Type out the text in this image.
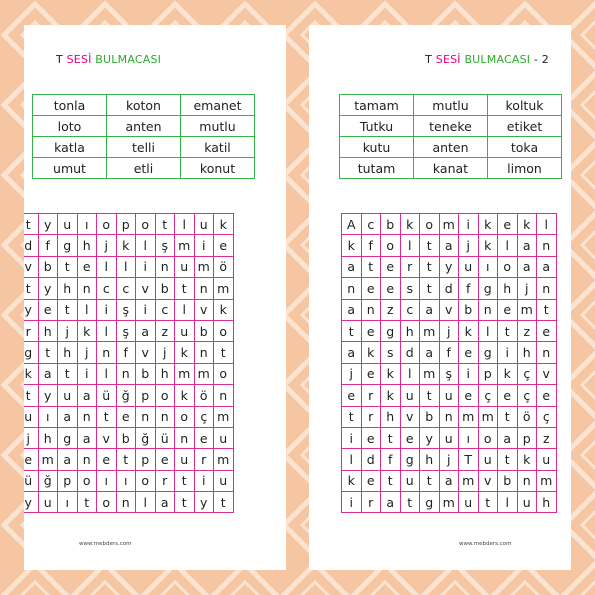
T SESİ BULMACASI
tonla	koton	emanet
loto	anten	mutlu
katla	telli	katil
umut	etli	konut
t	y	u	ı	o	p	o	t	l	u	k
d	f	g	h	j	k	l	ş	m	i	e
v	b	t	e	l	l	i	n	u	m	ö
t	y	h	n	c	c	v	b	t	n	m
y	e	t	l	i	ş	i	c	l	v	k
r	h	j	k	l	ş	a	z	u	b	o
g	t	h	j	n	f	v	j	k	n	t
k	a	t	i	l	n	b	h	m	m	o
t	y	u	a	ü	ğ	p	o	k	ö	n
u	ı	a	n	t	e	n	n	o	ç	m
j	h	g	a	v	b	ğ	ü	n	e	u
e	m	a	n	e	t	p	e	u	r	m
ü	ğ	p	o	ı	ı	o	r	t	i	u
y	u	ı	t	o	n	l	a	t	y	t
www.mebders.com
T SESİ BULMACASI - 2
tamam	mutlu	koltuk
Tutku	teneke	etiket
kutu	anten	toka
tutam	kanat	limon
A	c	b	k	o	m	i	k	e	k	l
k	f	o	l	t	a	j	k	l	a	n
a	t	e	r	t	y	u	ı	o	a	a
n	e	e	s	t	d	f	g	h	j	n
a	n	z	c	a	v	b	n	e	m	t
t	e	g	h	m	j	k	l	t	z	e
a	k	s	d	a	f	e	g	i	h	n
j	e	k	l	m	ş	i	p	k	ç	v
e	r	k	u	t	u	e	ç	e	ç	e
t	r	h	v	b	n	m	m	t	ö	ç
i	e	t	e	y	u	ı	o	a	p	z
l	d	f	g	h	j	T	u	t	k	u
k	e	t	u	t	a	m	v	b	n	m
i	r	a	t	g	m	u	t	l	u	h
www.mebders.com
